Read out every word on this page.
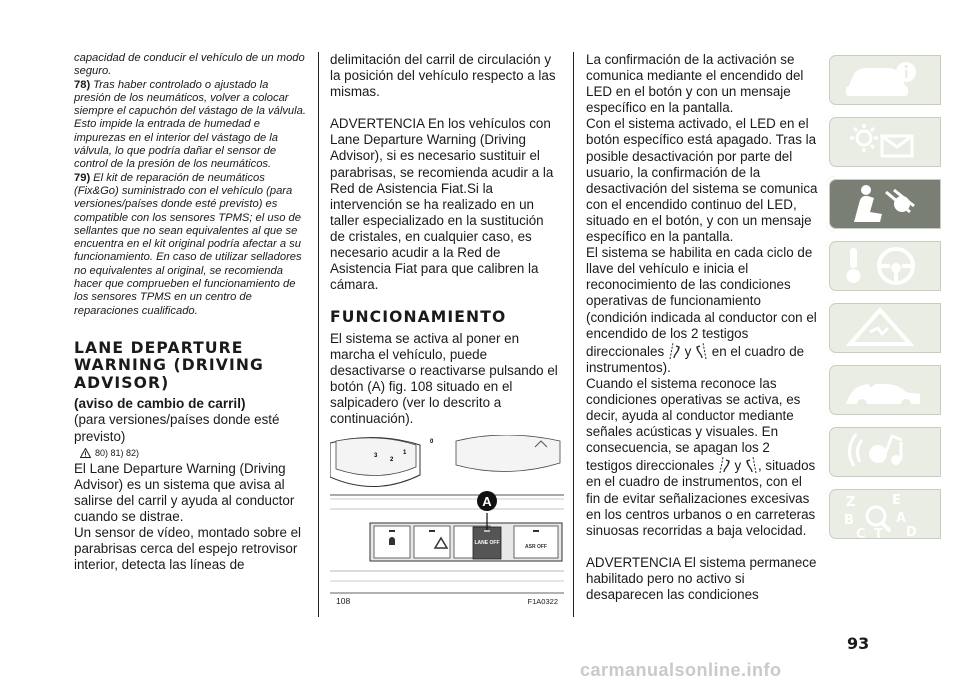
capacidad de conducir el vehículo de un modo seguro.

78) Tras haber controlado o ajustado la presión de los neumáticos, volver a colocar siempre el capuchón del vástago de la válvula. Esto impide la entrada de humedad e impurezas en el interior del vástago de la válvula, lo que podría dañar el sensor de control de la presión de los neumáticos.

79) El kit de reparación de neumáticos (Fix&Go) suministrado con el vehículo (para versiones/países donde esté previsto) es compatible con los sensores TPMS; el uso de sellantes que no sean equivalentes al que se encuentra en el kit original podría afectar a su funcionamiento. En caso de utilizar selladores no equivalentes al original, se recomienda hacer que comprueben el funcionamiento de los sensores TPMS en un centro de reparaciones cualificado.

LANE DEPARTURE WARNING (DRIVING ADVISOR)
(aviso de cambio de carril)

(para versiones/países donde esté previsto)

80) 81) 82)

El Lane Departure Warning (Driving Advisor) es un sistema que avisa al salirse del carril y ayuda al conductor cuando se distrae.

Un sensor de vídeo, montado sobre el parabrisas cerca del espejo retrovisor interior, detecta las líneas de

delimitación del carril de circulación y la posición del vehículo respecto a las mismas.

ADVERTENCIA En los vehículos con Lane Departure Warning (Driving Advisor), si es necesario sustituir el parabrisas, se recomienda acudir a la Red de Asistencia Fiat.Si la intervención se ha realizado en un taller especializado en la sustitución de cristales, en cualquier caso, es necesario acudir a la Red de Asistencia Fiat para que calibren la cámara.

FUNCIONAMIENTO

El sistema se activa al poner en marcha el vehículo, puede desactivarse o reactivarse pulsando el botón (A) fig. 108 situado en el salpicadero (ver lo descrito a continuación).

3
2
1
0
LANE OFF
ASR OFF
A
108	F1A0322

La confirmación de la activación se comunica mediante el encendido del LED en el botón y con un mensaje específico en la pantalla.

Con el sistema activado, el LED en el botón específico está apagado. Tras la posible desactivación por parte del usuario, la confirmación de la desactivación del sistema se comunica con el encendido continuo del LED, situado en el botón, y con un mensaje específico en la pantalla.

El sistema se habilita en cada ciclo de llave del vehículo e inicia el reconocimiento de las condiciones operativas de funcionamiento (condición indicada al conductor con el encendido de los 2 testigos direccionales y en el cuadro de instrumentos).

Cuando el sistema reconoce las condiciones operativas se activa, es decir, ayuda al conductor mediante señales acústicas y visuales. En consecuencia, se apagan los 2 testigos direccionales y , situados en el cuadro de instrumentos, con el fin de evitar señalizaciones excesivas en los centros urbanos o en carreteras sinuosas recorridas a baja velocidad.

ADVERTENCIA El sistema permanece habilitado pero no activo si desaparecen las condiciones

Z	E
B	A
C T D
93
carmanualsonline.info
